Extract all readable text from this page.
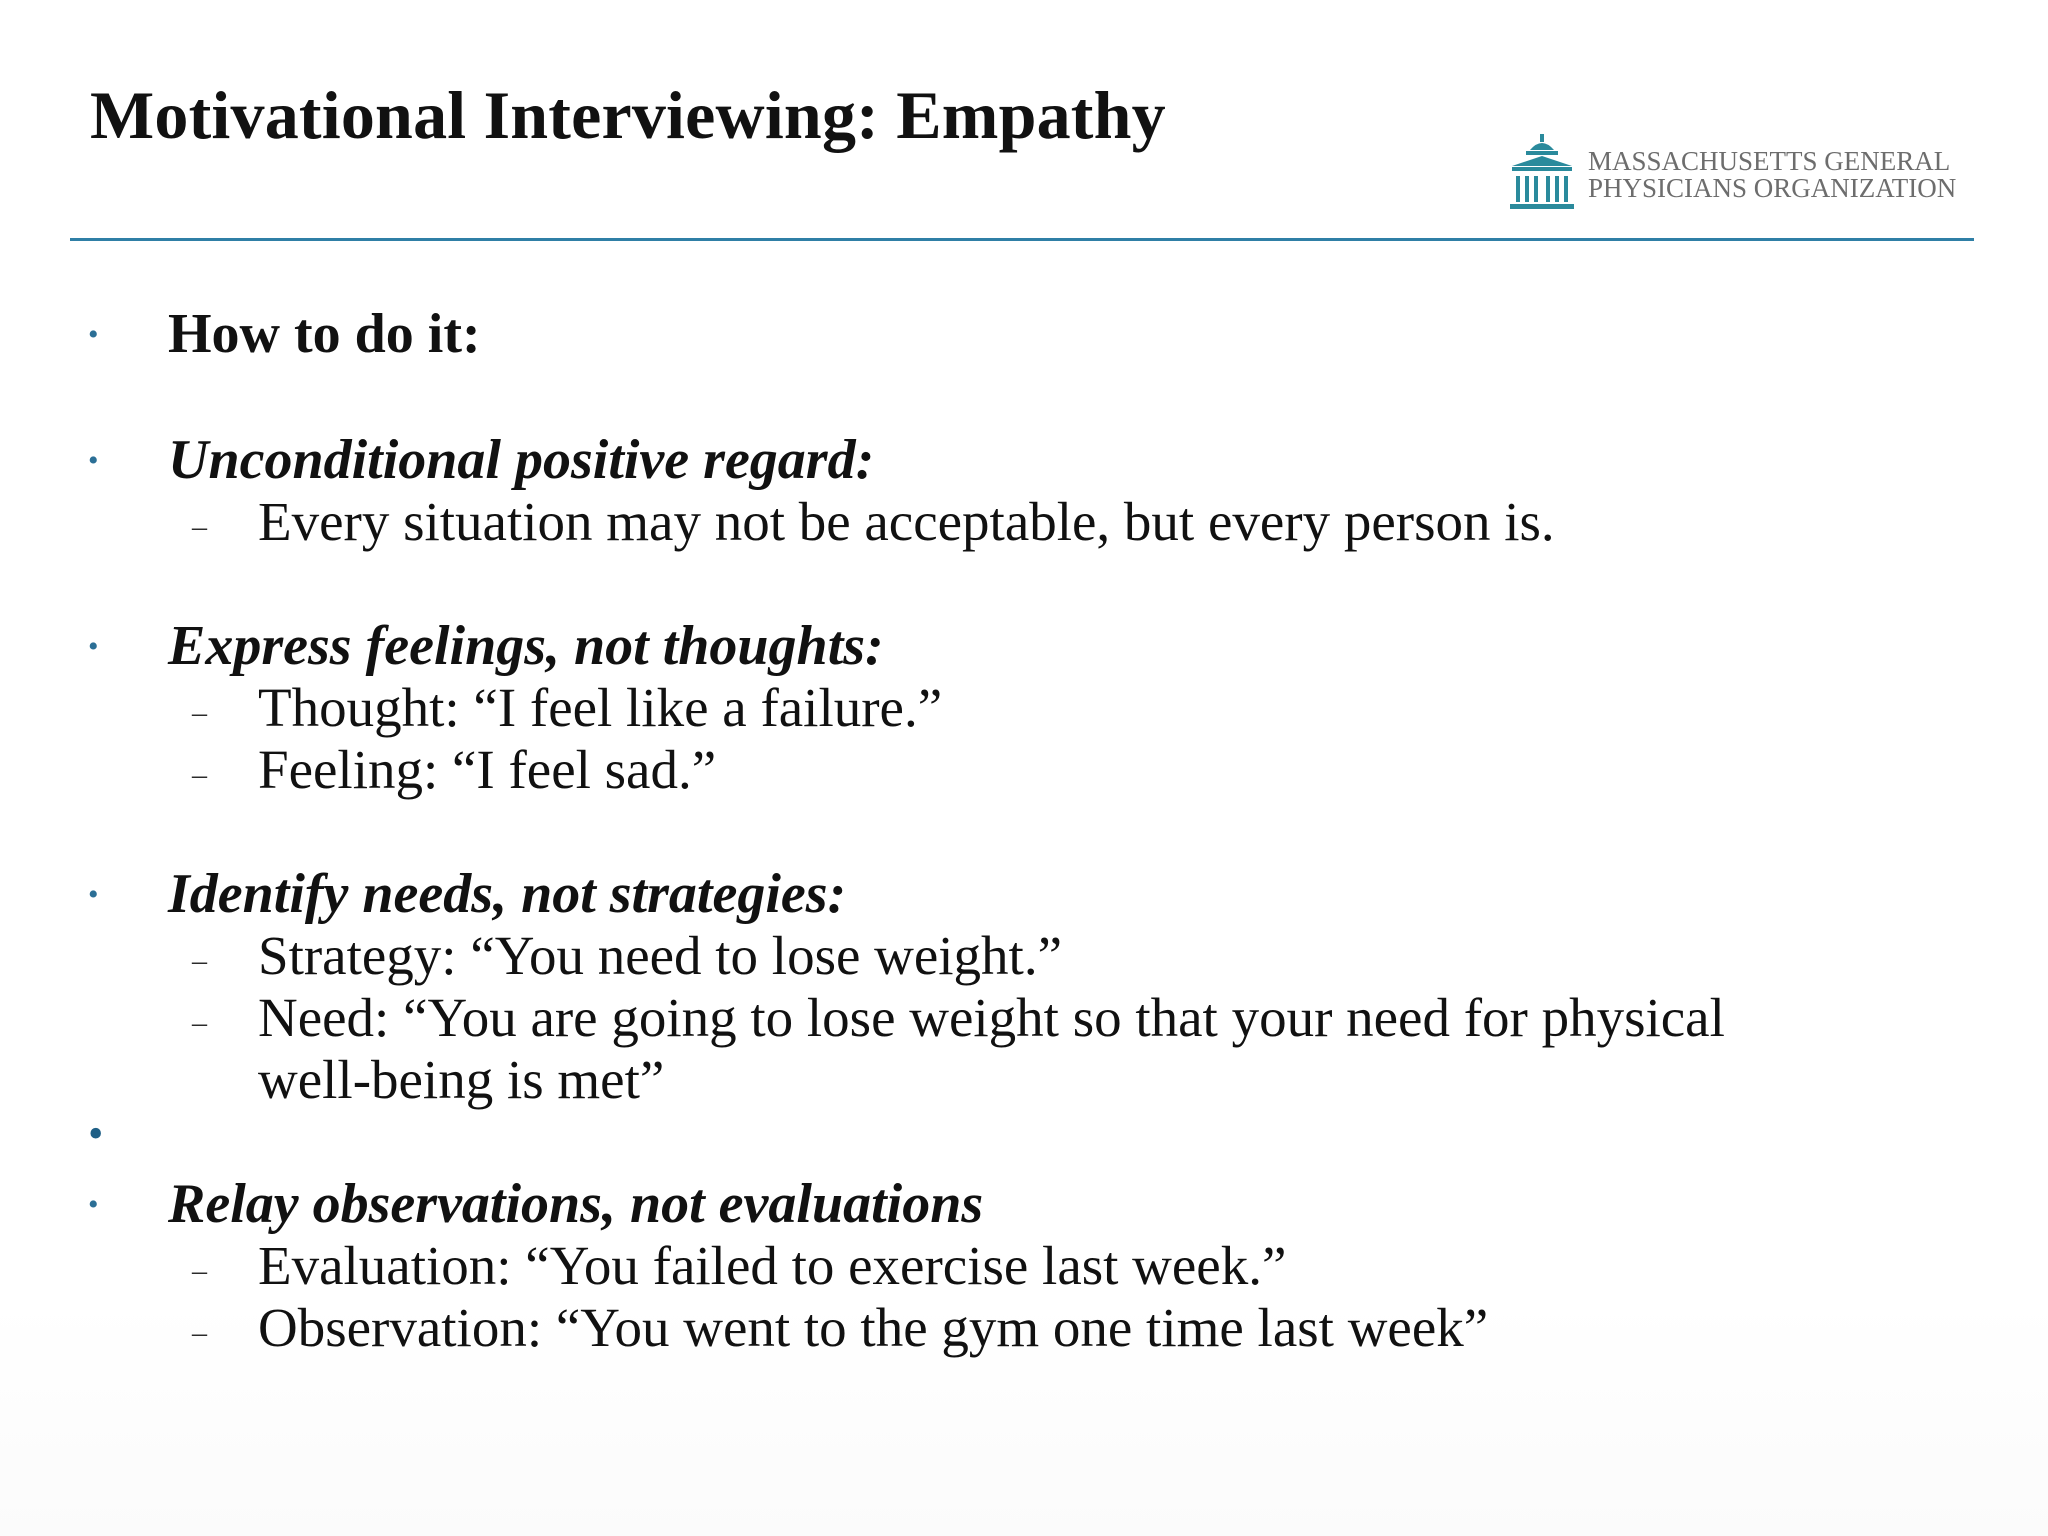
Motivational Interviewing: Empathy
MASSACHUSETTS GENERAL
PHYSICIANS ORGANIZATION
• How to do it:
• Unconditional positive regard:
– Every situation may not be acceptable, but every person is.
• Express feelings, not thoughts:
– Thought: “I feel like a failure.”
– Feeling: “I feel sad.”
• Identify needs, not strategies:
– Strategy: “You need to lose weight.”
– Need: “You are going to lose weight so that your need for physical
well-being is met”
•
• Relay observations, not evaluations
– Evaluation: “You failed to exercise last week.”
– Observation: “You went to the gym one time last week”
